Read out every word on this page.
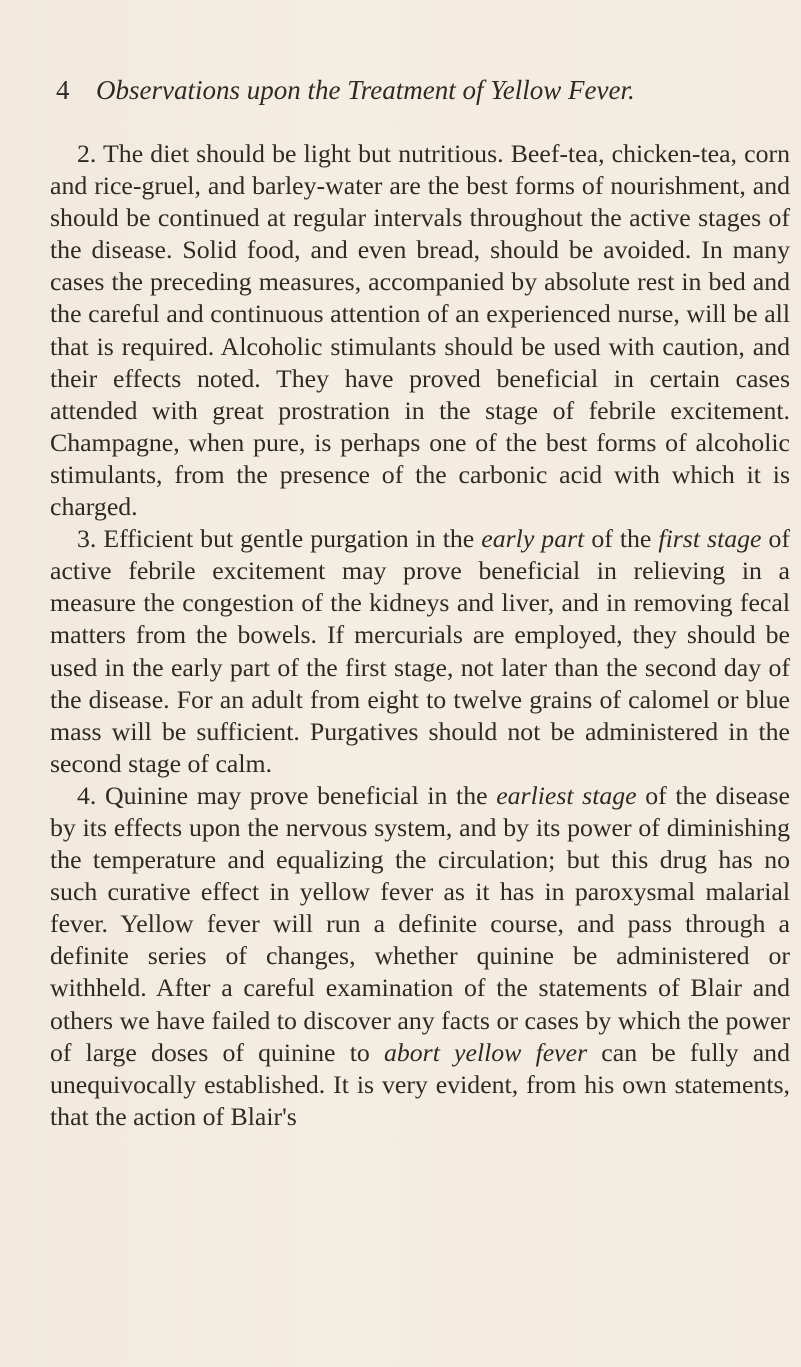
4 Observations upon the Treatment of Yellow Fever.

2. The diet should be light but nutritious. Beef-tea, chicken-tea, corn and rice-gruel, and barley-water are the best forms of nourishment, and should be continued at regular intervals throughout the active stages of the disease. Solid food, and even bread, should be avoided. In many cases the preceding measures, accompanied by absolute rest in bed and the careful and continuous attention of an experienced nurse, will be all that is required. Alcoholic stimulants should be used with caution, and their effects noted. They have proved beneficial in certain cases attended with great prostration in the stage of febrile excitement. Champagne, when pure, is perhaps one of the best forms of alcoholic stimulants, from the presence of the carbonic acid with which it is charged.

3. Efficient but gentle purgation in the early part of the first stage of active febrile excitement may prove beneficial in relieving in a measure the congestion of the kidneys and liver, and in removing fecal matters from the bowels. If mercurials are employed, they should be used in the early part of the first stage, not later than the second day of the disease. For an adult from eight to twelve grains of calomel or blue mass will be sufficient. Purgatives should not be administered in the second stage of calm.

4. Quinine may prove beneficial in the earliest stage of the disease by its effects upon the nervous system, and by its power of diminishing the temperature and equalizing the circulation; but this drug has no such curative effect in yellow fever as it has in paroxysmal malarial fever. Yellow fever will run a definite course, and pass through a definite series of changes, whether quinine be administered or withheld. After a careful examination of the statements of Blair and others we have failed to discover any facts or cases by which the power of large doses of quinine to abort yellow fever can be fully and unequivocally established. It is very evident, from his own statements, that the action of Blair's
